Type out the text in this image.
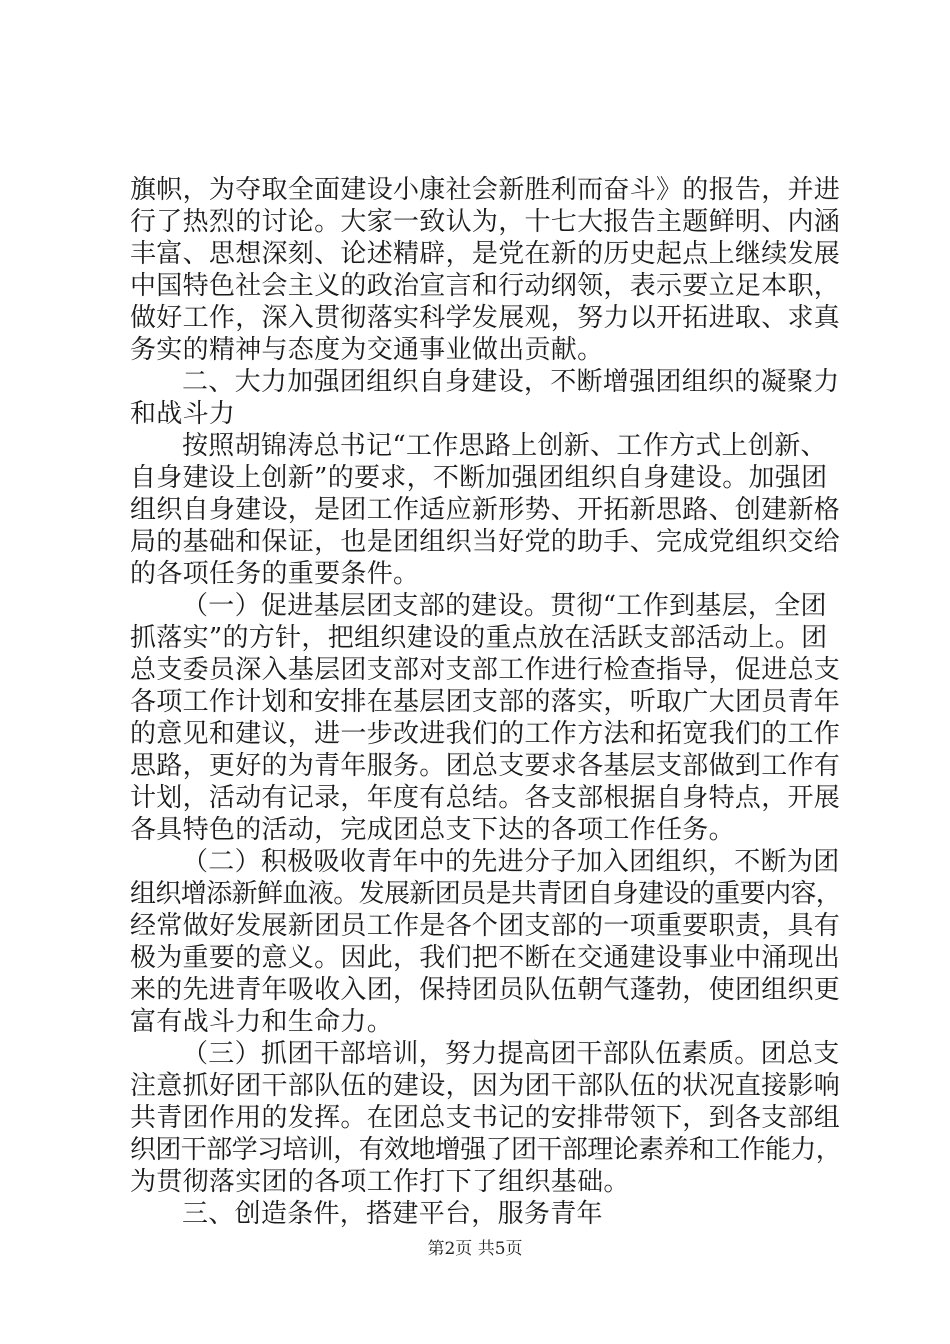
旗帜，为夺取全面建设小康社会新胜利而奋斗》的报告，并进
行了热烈的讨论。大家一致认为，十七大报告主题鲜明、内涵
丰富、思想深刻、论述精辟，是党在新的历史起点上继续发展
中国特色社会主义的政治宣言和行动纲领，表示要立足本职，
做好工作，深入贯彻落实科学发展观，努力以开拓进取、求真
务实的精神与态度为交通事业做出贡献。
二、大力加强团组织自身建设，不断增强团组织的凝聚力
和战斗力
按照胡锦涛总书记“工作思路上创新、工作方式上创新、
自身建设上创新”的要求，不断加强团组织自身建设。加强团
组织自身建设，是团工作适应新形势、开拓新思路、创建新格
局的基础和保证，也是团组织当好党的助手、完成党组织交给
的各项任务的重要条件。
（一）促进基层团支部的建设。贯彻“工作到基层，全团
抓落实”的方针，把组织建设的重点放在活跃支部活动上。团
总支委员深入基层团支部对支部工作进行检查指导，促进总支
各项工作计划和安排在基层团支部的落实，听取广大团员青年
的意见和建议，进一步改进我们的工作方法和拓宽我们的工作
思路，更好的为青年服务。团总支要求各基层支部做到工作有
计划，活动有记录，年度有总结。各支部根据自身特点，开展
各具特色的活动，完成团总支下达的各项工作任务。
（二）积极吸收青年中的先进分子加入团组织，不断为团
组织增添新鲜血液。发展新团员是共青团自身建设的重要内容，
经常做好发展新团员工作是各个团支部的一项重要职责，具有
极为重要的意义。因此，我们把不断在交通建设事业中涌现出
来的先进青年吸收入团，保持团员队伍朝气蓬勃，使团组织更
富有战斗力和生命力。
（三）抓团干部培训，努力提高团干部队伍素质。团总支
注意抓好团干部队伍的建设，因为团干部队伍的状况直接影响
共青团作用的发挥。在团总支书记的安排带领下，到各支部组
织团干部学习培训，有效地增强了团干部理论素养和工作能力，
为贯彻落实团的各项工作打下了组织基础。
三、创造条件，搭建平台，服务青年
第2页 共5页
